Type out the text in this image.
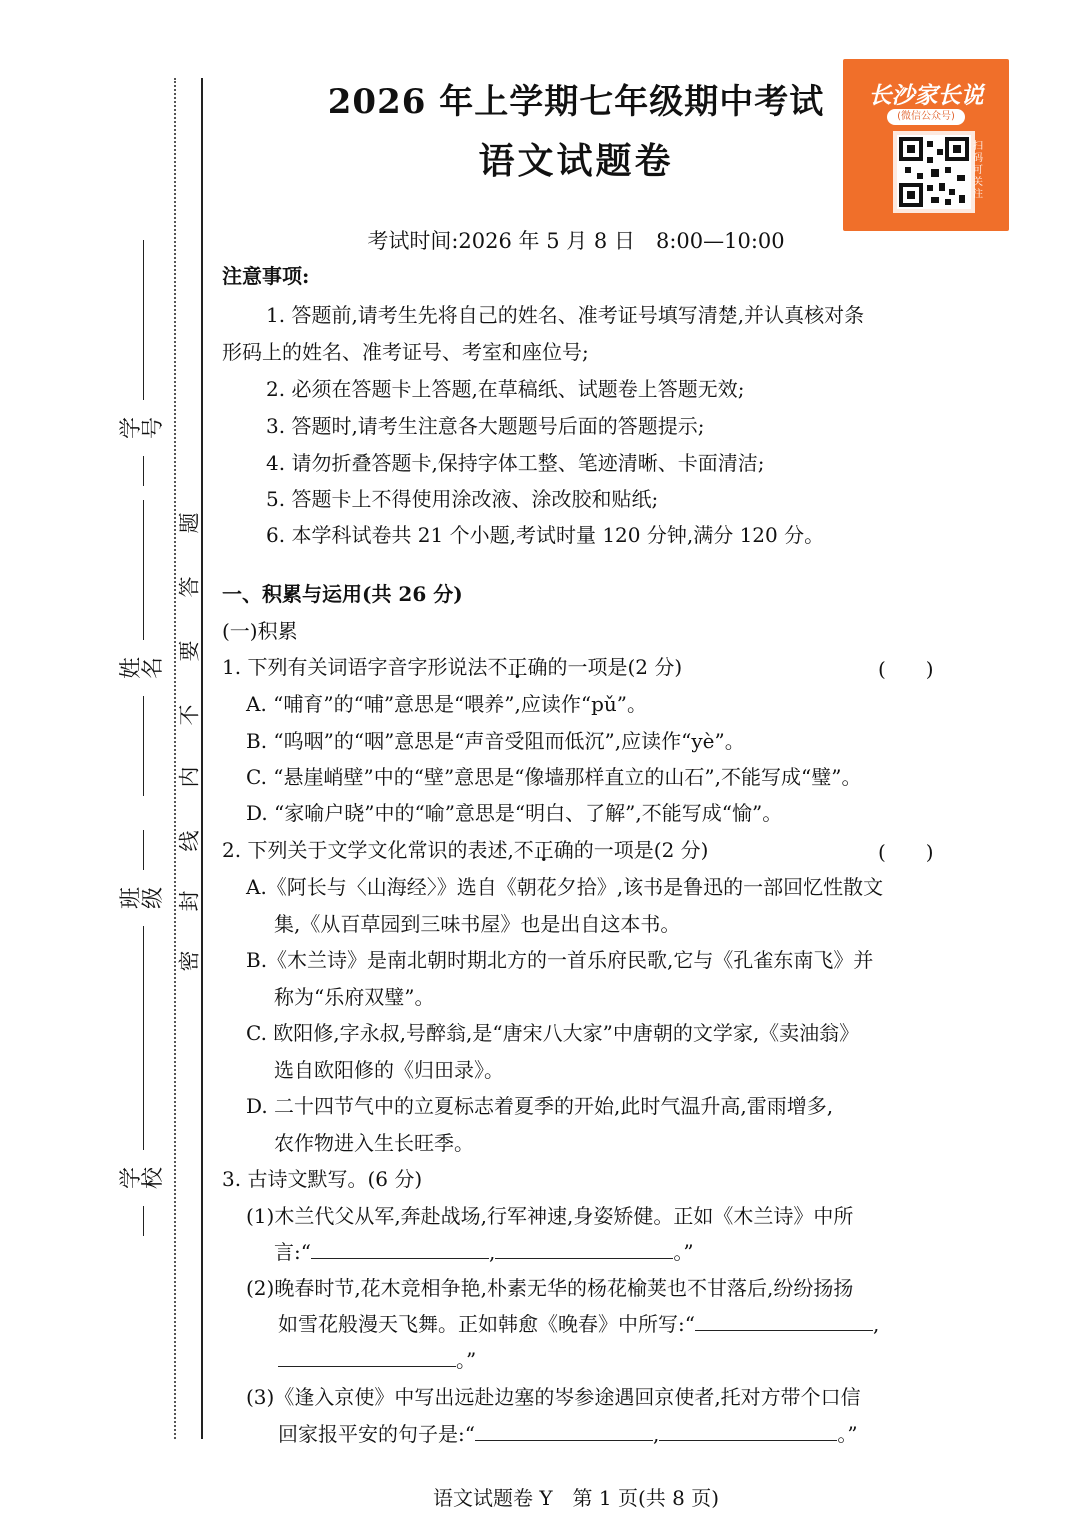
学号
姓名
班级
学校
题
答
要
不
内
线
封
密
2026 年上学期七年级期中考试
语文试题卷
考试时间:2026 年 5 月 8 日　8:00—10:00
长沙家长说
(微信公众号)
扫码可关注
注意事项:
1. 答题前,请考生先将自己的姓名、准考证号填写清楚,并认真核对条
形码上的姓名、准考证号、考室和座位号;
2. 必须在答题卡上答题,在草稿纸、试题卷上答题无效;
3. 答题时,请考生注意各大题题号后面的答题提示;
4. 请勿折叠答题卡,保持字体工整、笔迹清晰、卡面清洁;
5. 答题卡上不得使用涂改液、涂改胶和贴纸;
6. 本学科试卷共 21 个小题,考试时量 120 分钟,满分 120 分。
一、积累与运用(共 26 分)
(一)积累
1. 下列有关词语字音字形说法不正确的一项是(2 分)	(　　)
A. “哺育”的“哺”意思是“喂养”,应读作“pǔ”。
B. “呜咽”的“咽”意思是“声音受阻而低沉”,应读作“yè”。
C. “悬崖峭壁”中的“壁”意思是“像墙那样直立的山石”,不能写成“璧”。
D. “家喻户晓”中的“喻”意思是“明白、了解”,不能写成“愉”。
2. 下列关于文学文化常识的表述,不正确的一项是(2 分)	(　　)
A.《阿长与〈山海经〉》选自《朝花夕拾》,该书是鲁迅的一部回忆性散文
集,《从百草园到三味书屋》也是出自这本书。
B.《木兰诗》是南北朝时期北方的一首乐府民歌,它与《孔雀东南飞》并
称为“乐府双璧”。
C. 欧阳修,字永叔,号醉翁,是“唐宋八大家”中唐朝的文学家,《卖油翁》
选自欧阳修的《归田录》。
D. 二十四节气中的立夏标志着夏季的开始,此时气温升高,雷雨增多,
农作物进入生长旺季。
3. 古诗文默写。(6 分)
(1)木兰代父从军,奔赴战场,行军神速,身姿矫健。正如《木兰诗》中所
言:“	,	。”
(2)晚春时节,花木竞相争艳,朴素无华的杨花榆荚也不甘落后,纷纷扬扬
如雪花般漫天飞舞。正如韩愈《晚春》中所写:“	,
。”
(3)《逢入京使》中写出远赴边塞的岑参途遇回京使者,托对方带个口信
回家报平安的句子是:“	,	。”
语文试题卷 Y　第 1 页(共 8 页)
